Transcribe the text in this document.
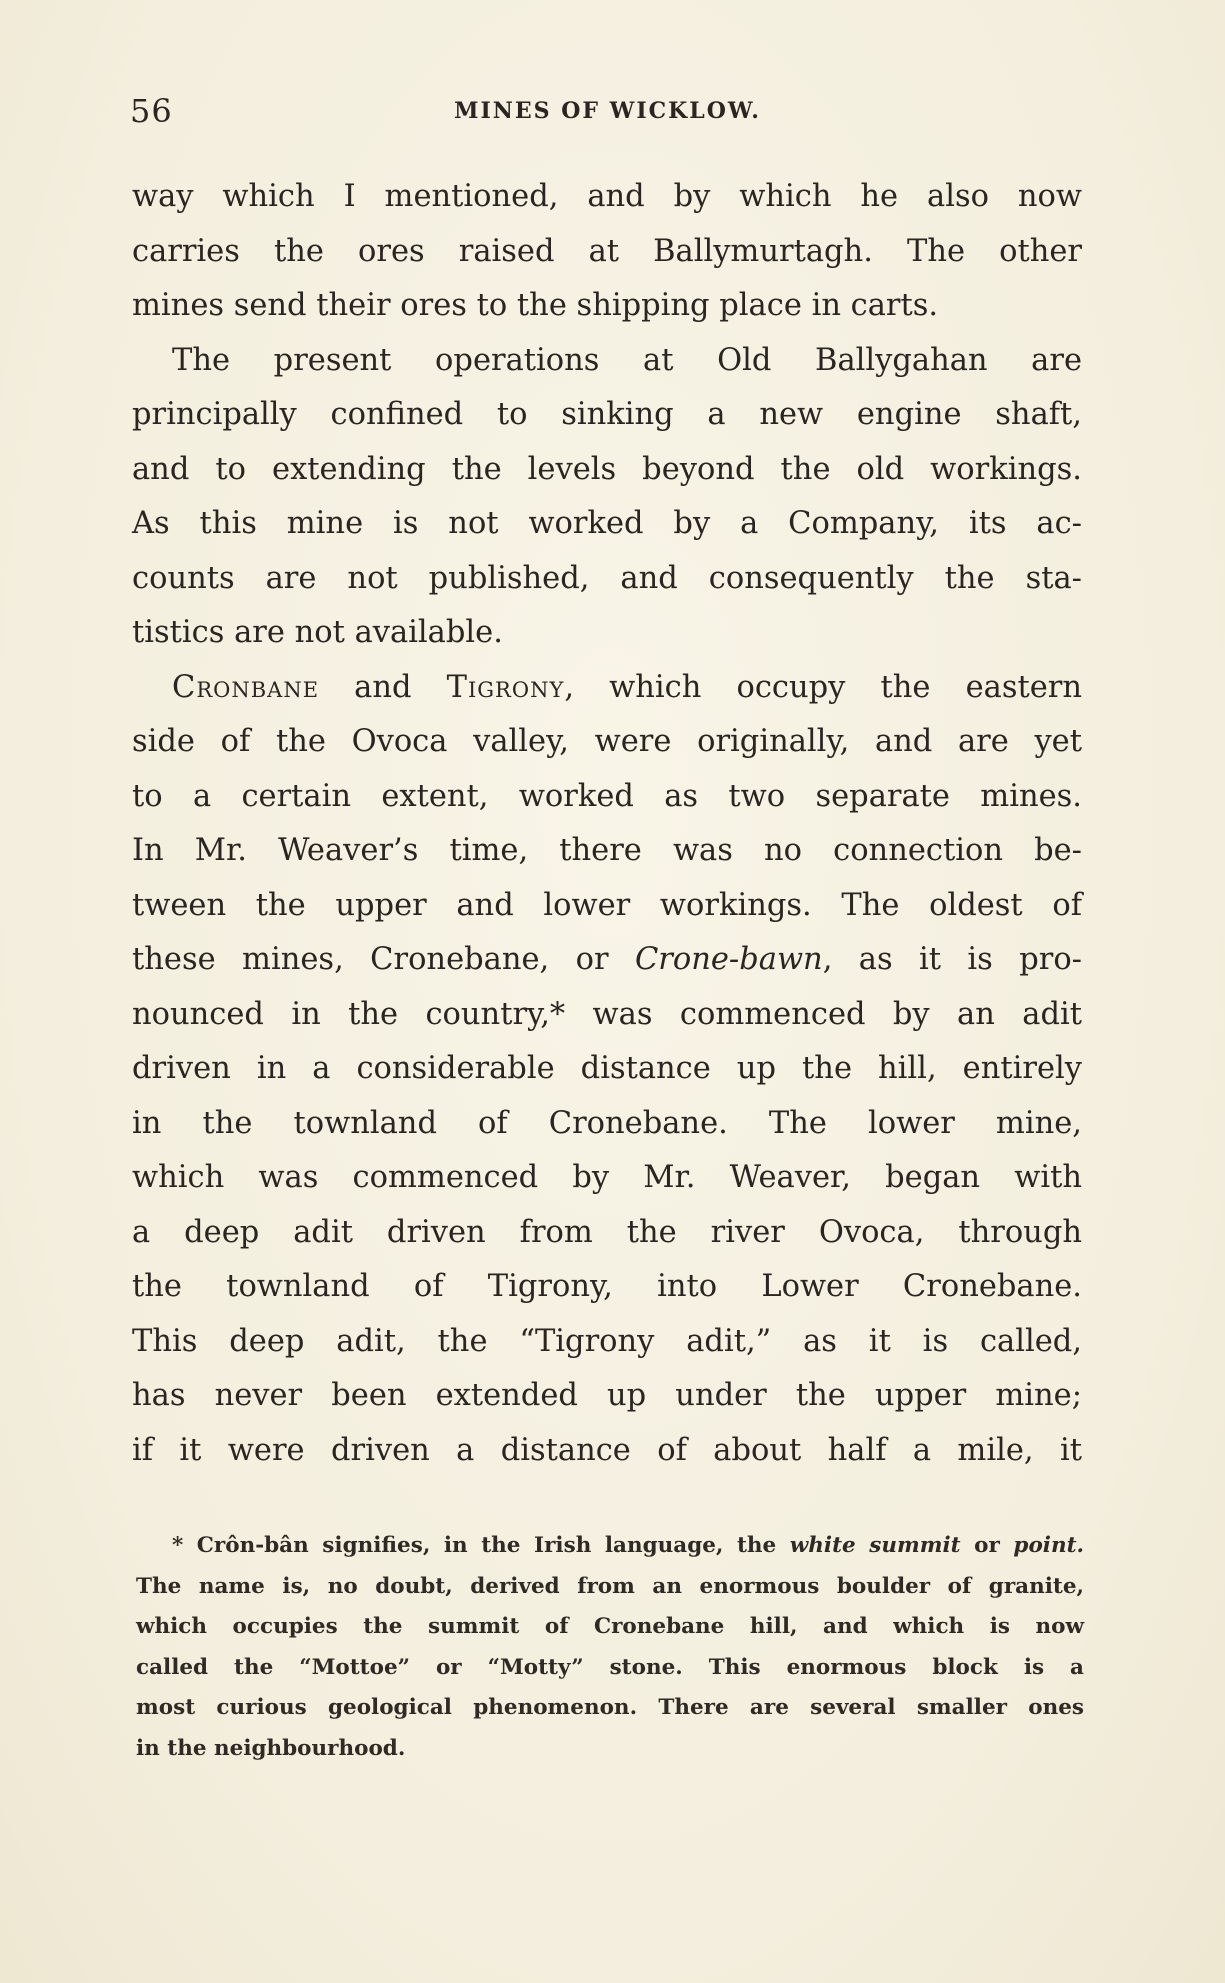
56	MINES OF WICKLOW.
way which I mentioned, and by which he also now
carries the ores raised at Ballymurtagh. The other
mines send their ores to the shipping place in carts.
The present operations at Old Ballygahan are
principally confined to sinking a new engine shaft,
and to extending the levels beyond the old workings.
As this mine is not worked by a Company, its ac-
counts are not published, and consequently the sta-
tistics are not available.
Cronbane and Tigrony, which occupy the eastern
side of the Ovoca valley, were originally, and are yet
to a certain extent, worked as two separate mines.
In Mr. Weaver’s time, there was no connection be-
tween the upper and lower workings. The oldest of
these mines, Cronebane, or Crone-bawn, as it is pro-
nounced in the country,* was commenced by an adit
driven in a considerable distance up the hill, entirely
in the townland of Cronebane. The lower mine,
which was commenced by Mr. Weaver, began with
a deep adit driven from the river Ovoca, through
the townland of Tigrony, into Lower Cronebane.
This deep adit, the “Tigrony adit,” as it is called,
has never been extended up under the upper mine;
if it were driven a distance of about half a mile, it
* Crôn-bân signifies, in the Irish language, the white summit or point.
The name is, no doubt, derived from an enormous boulder of granite,
which occupies the summit of Cronebane hill, and which is now
called the “Mottoe” or “Motty” stone. This enormous block is a
most curious geological phenomenon. There are several smaller ones
in the neighbourhood.
